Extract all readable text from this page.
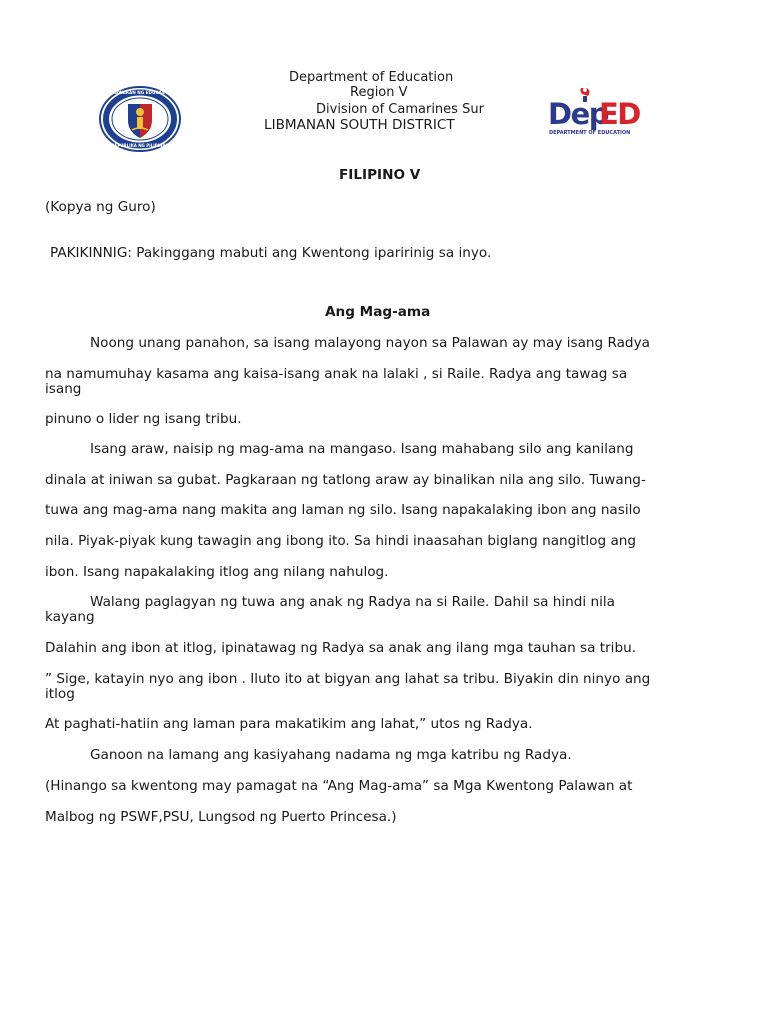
Department of Education

Region V

Division of Camarines Sur

LIBMANAN SOUTH DISTRICT

KAGAWARAN NG EDUKASYON
REPUBLIKA NG PILIPINAS
Dep
ED
DEPARTMENT OF EDUCATION

FILIPINO V

(Kopya ng Guro)

PAKIKINNIG: Pakinggang mabuti ang Kwentong iparirinig sa inyo.

Ang Mag-ama

Noong unang panahon, sa isang malayong nayon sa Palawan ay may isang Radya

na namumuhay kasama ang kaisa-isang anak na lalaki , si Raile. Radya ang tawag sa

isang

pinuno o lider ng isang tribu.

Isang araw, naisip ng mag-ama na mangaso. Isang mahabang silo ang kanilang

dinala at iniwan sa gubat. Pagkaraan ng tatlong araw ay binalikan nila ang silo. Tuwang-

tuwa ang mag-ama nang makita ang laman ng silo. Isang napakalaking ibon ang nasilo

nila. Piyak-piyak kung tawagin ang ibong ito. Sa hindi inaasahan biglang nangitlog ang

ibon. Isang napakalaking itlog ang nilang nahulog.

Walang paglagyan ng tuwa ang anak ng Radya na si Raile. Dahil sa hindi nila

kayang

Dalahin ang ibon at itlog, ipinatawag ng Radya sa anak ang ilang mga tauhan sa tribu.

” Sige, katayin nyo ang ibon . Iluto ito at bigyan ang lahat sa tribu. Biyakin din ninyo ang

itlog

At paghati-hatiin ang laman para makatikim ang lahat,” utos ng Radya.

Ganoon na lamang ang kasiyahang nadama ng mga katribu ng Radya.

(Hinango sa kwentong may pamagat na “Ang Mag-ama” sa Mga Kwentong Palawan at

Malbog ng PSWF,PSU, Lungsod ng Puerto Princesa.)
